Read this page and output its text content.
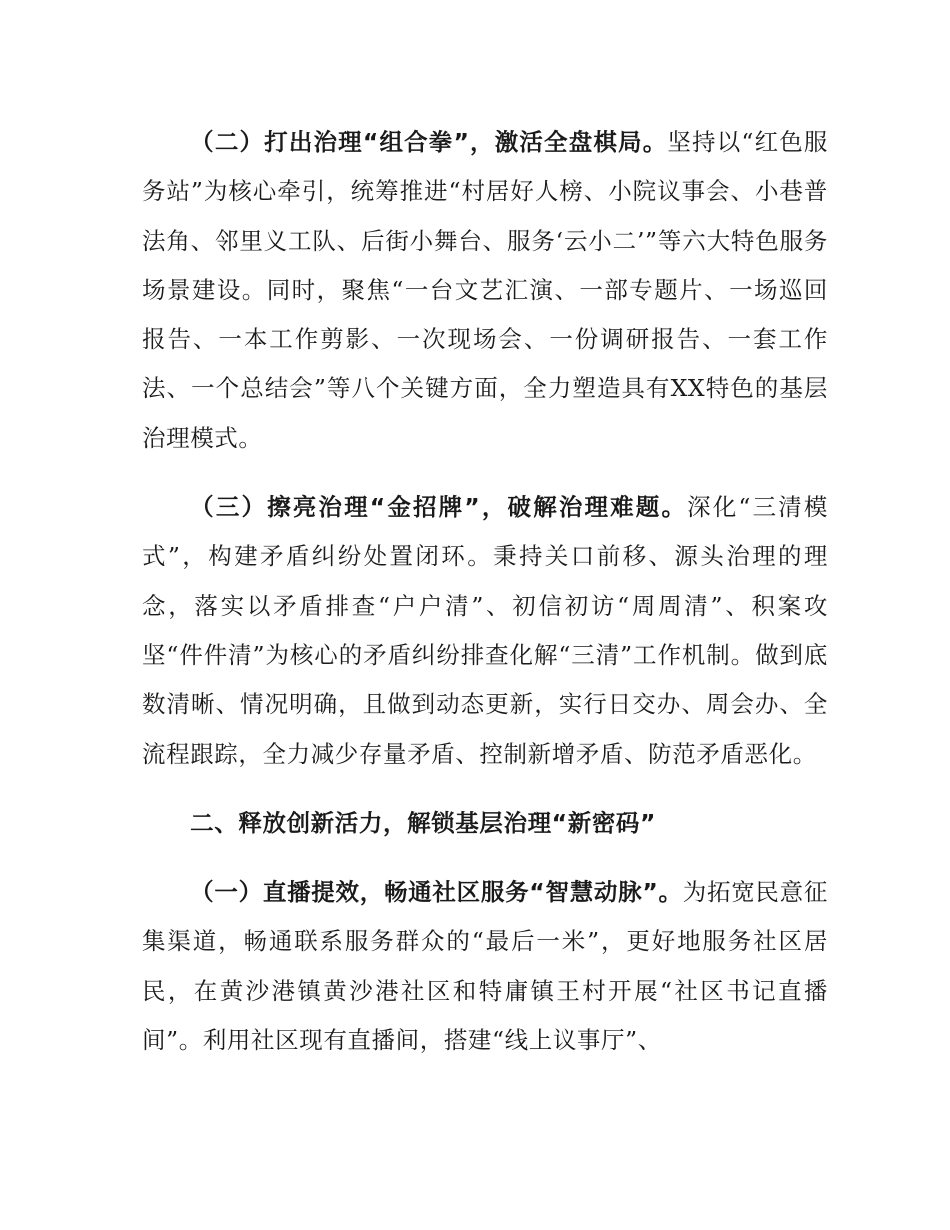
（二）打出治理“组合拳”，激活全盘棋局。坚持以“红色服务站”为核心牵引，统筹推进“村居好人榜、小院议事会、小巷普法角、邻里义工队、后街小舞台、服务‘云小二’”等六大特色服务场景建设。同时，聚焦“一台文艺汇演、一部专题片、一场巡回报告、一本工作剪影、一次现场会、一份调研报告、一套工作法、一个总结会”等八个关键方面，全力塑造具有XX特色的基层治理模式。

（三）擦亮治理“金招牌”，破解治理难题。深化“三清模式”，构建矛盾纠纷处置闭环。秉持关口前移、源头治理的理念，落实以矛盾排查“户户清”、初信初访“周周清”、积案攻坚“件件清”为核心的矛盾纠纷排查化解“三清”工作机制。做到底数清晰、情况明确，且做到动态更新，实行日交办、周会办、全流程跟踪，全力减少存量矛盾、控制新增矛盾、防范矛盾恶化。

二、释放创新活力，解锁基层治理“新密码”

（一）直播提效，畅通社区服务“智慧动脉”。为拓宽民意征集渠道，畅通联系服务群众的“最后一米”，更好地服务社区居民，在黄沙港镇黄沙港社区和特庸镇王村开展“社区书记直播间”。利用社区现有直播间，搭建“线上议事厅”、
